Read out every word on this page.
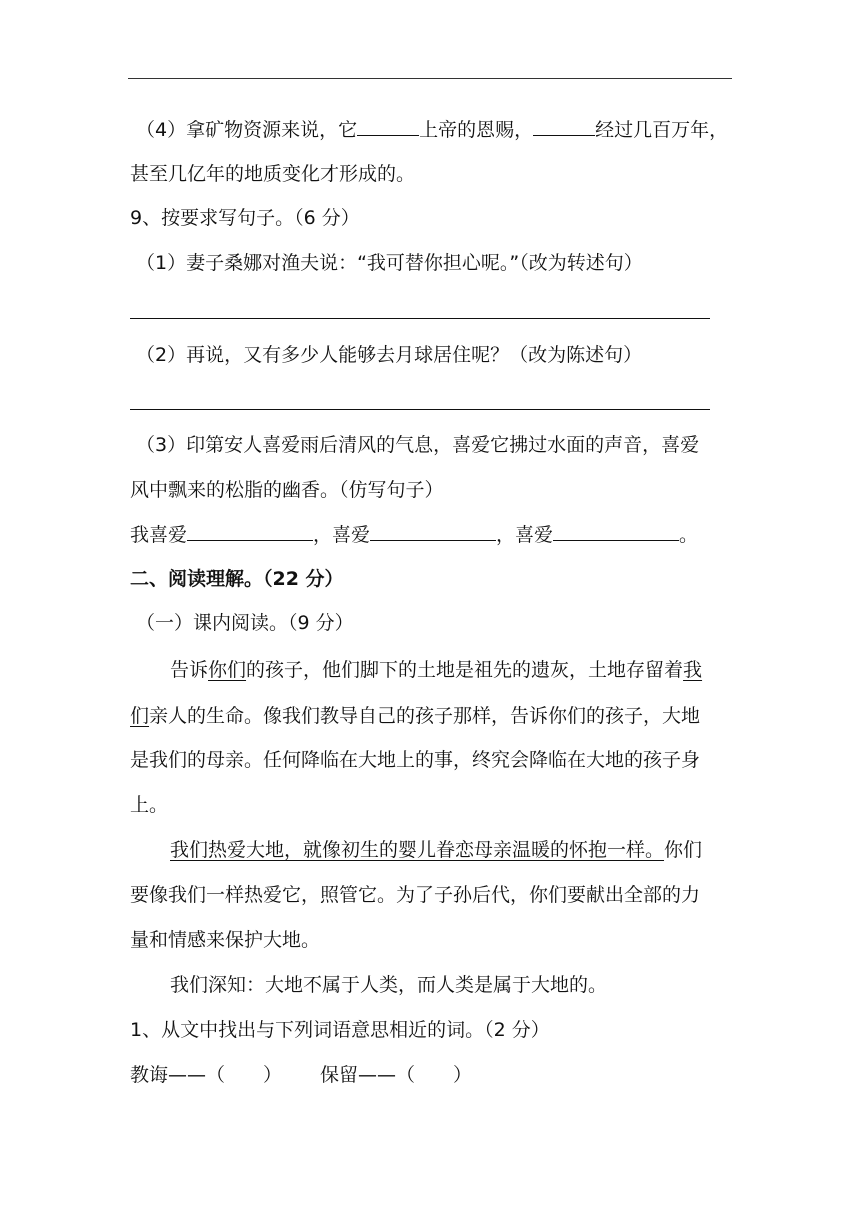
（4）拿矿物资源来说，它	上帝的恩赐，	经过几百万年，
甚至几亿年的地质变化才形成的。
9、按要求写句子。（6 分）
（1）妻子桑娜对渔夫说：“我可替你担心呢。”（改为转述句）
（2）再说，又有多少人能够去月球居住呢？（改为陈述句）
（3）印第安人喜爱雨后清风的气息，喜爱它拂过水面的声音，喜爱
风中飘来的松脂的幽香。（仿写句子）
我喜爱	，喜爱	，喜爱	。
二、阅读理解。（22 分）
（一）课内阅读。（9 分）
告诉你们的孩子，他们脚下的土地是祖先的遗灰，土地存留着我
们亲人的生命。像我们教导自己的孩子那样，告诉你们的孩子，大地
是我们的母亲。任何降临在大地上的事，终究会降临在大地的孩子身
上。
我们热爱大地，就像初生的婴儿眷恋母亲温暖的怀抱一样。你们
要像我们一样热爱它，照管它。为了子孙后代，你们要献出全部的力
量和情感来保护大地。
我们深知：大地不属于人类，而人类是属于大地的。
1、从文中找出与下列词语意思相近的词。（2 分）
教诲——（　　） 保留——（　　）
